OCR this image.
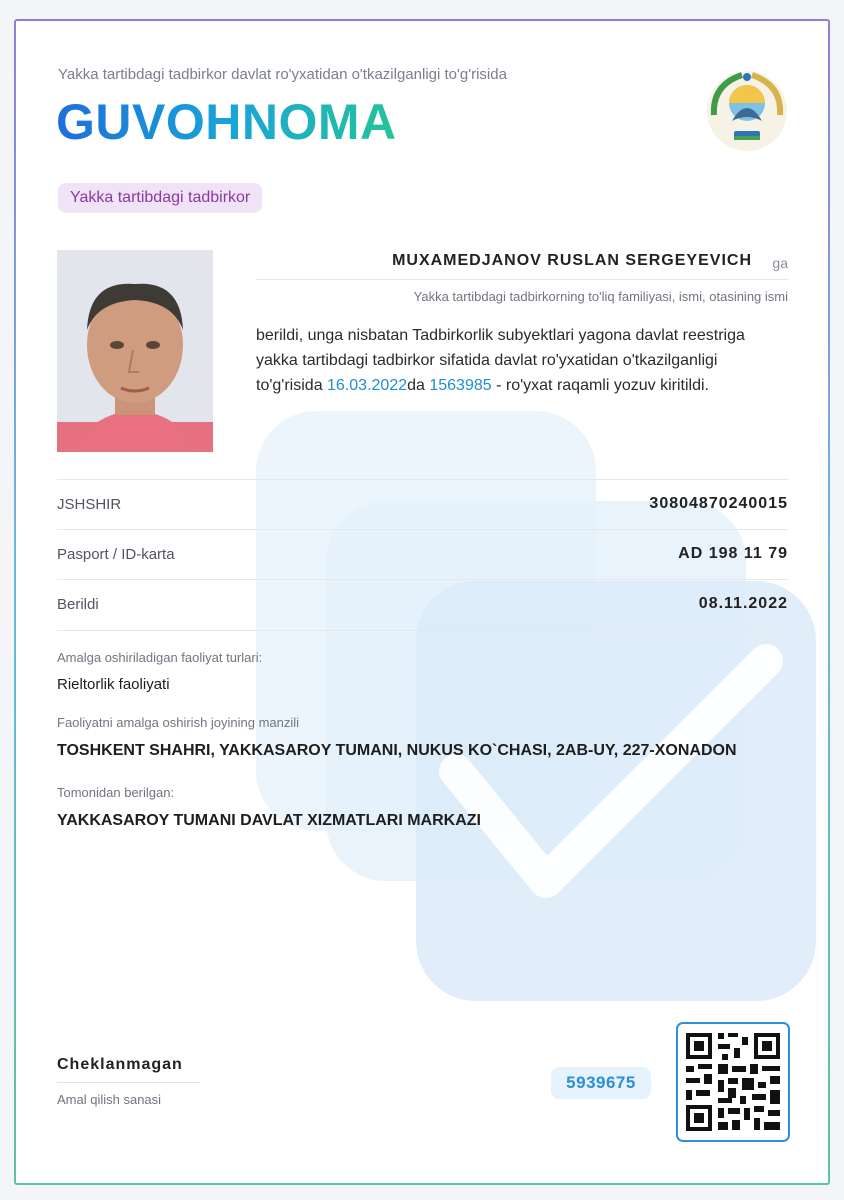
Yakka tartibdagi tadbirkor davlat ro'yxatidan o'tkazilganligi to'g'risida
GUVOHNOMA
Yakka tartibdagi tadbirkor
MUXAMEDJANOV RUSLAN SERGEYEVICH ga
Yakka tartibdagi tadbirkorning to'liq familiyasi, ismi, otasining ismi
berildi, unga nisbatan Tadbirkorlik subyektlari yagona davlat reestriga yakka tartibdagi tadbirkor sifatida davlat ro'yxatidan o'tkazilganligi to'g'risida 16.03.2022da 1563985 - ro'yxat raqamli yozuv kiritildi.
JSHSHIR	30804870240015
Pasport / ID-karta	AD 198 11 79
Berildi	08.11.2022
Amalga oshiriladigan faoliyat turlari:
Rieltorlik faoliyati
Faoliyatni amalga oshirish joyining manzili
TOSHKENT SHAHRI, YAKKASAROY TUMANI, NUKUS KO`CHASI, 2AB-UY, 227-XONADON
Tomonidan berilgan:
YAKKASAROY TUMANI DAVLAT XIZMATLARI MARKAZI
Cheklanmagan
Amal qilish sanasi
5939675
